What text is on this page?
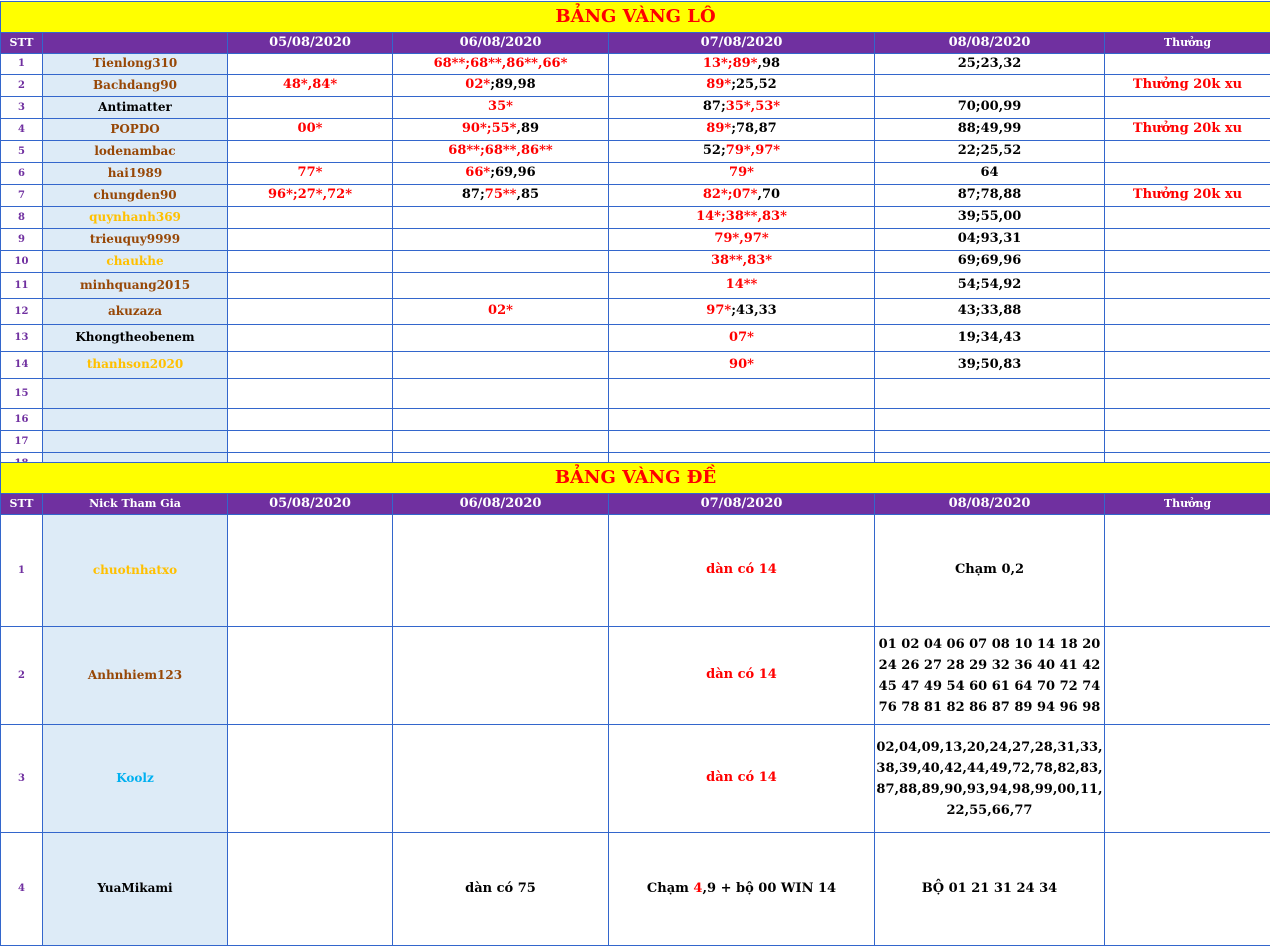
BẢNG VÀNG LÔ						
STT		05/08/2020	06/08/2020	07/08/2020	08/08/2020	Thưởng
1	Tienlong310		68**;68**,86**,66*	13*;89*,98	25;23,32	
2	Bachdang90	48*,84*	02*;89,98	89*;25,52		Thưởng 20k xu
3	Antimatter		35*	87;35*,53*	70;00,99	
4	POPDO	00*	90*;55*,89	89*;78,87	88;49,99	Thưởng 20k xu
5	lodenambac		68**;68**,86**	52;79*,97*	22;25,52	
6	hai1989	77*	66*;69,96	79*	64	
7	chungden90	96*;27*,72*	87;75**,85	82*;07*,70	87;78,88	Thưởng 20k xu
8	quynhanh369			14*;38**,83*	39;55,00	
9	trieuquy9999			79*,97*	04;93,31	
10	chaukhe			38**,83*	69;69,96	
11	minhquang2015			14**	54;54,92	
12	akuzaza		02*	97*;43,33	43;33,88	
13	Khongtheobenem			07*	19;34,43	
14	thanhson2020			90*	39;50,83	
15						
16						
17						

BẢNG VÀNG ĐỀ						
STT	Nick Tham Gia	05/08/2020	06/08/2020	07/08/2020	08/08/2020	Thưởng
1	chuotnhatxo			dàn có 14	Chạm 0,2	
2	Anhnhiem123			dàn có 14	01 02 04 06 07 08 10 14 18 20
24 26 27 28 29 32 36 40 41 42
45 47 49 54 60 61 64 70 72 74
76 78 81 82 86 87 89 94 96 98	
3	Koolz			dàn có 14	02,04,09,13,20,24,27,28,31,33,
38,39,40,42,44,49,72,78,82,83,
87,88,89,90,93,94,98,99,00,11,
22,55,66,77	
4	YuaMikami		dàn có 75	Chạm 4,9 + bộ 00 WIN 14	BỘ 01 21 31 24 34	
